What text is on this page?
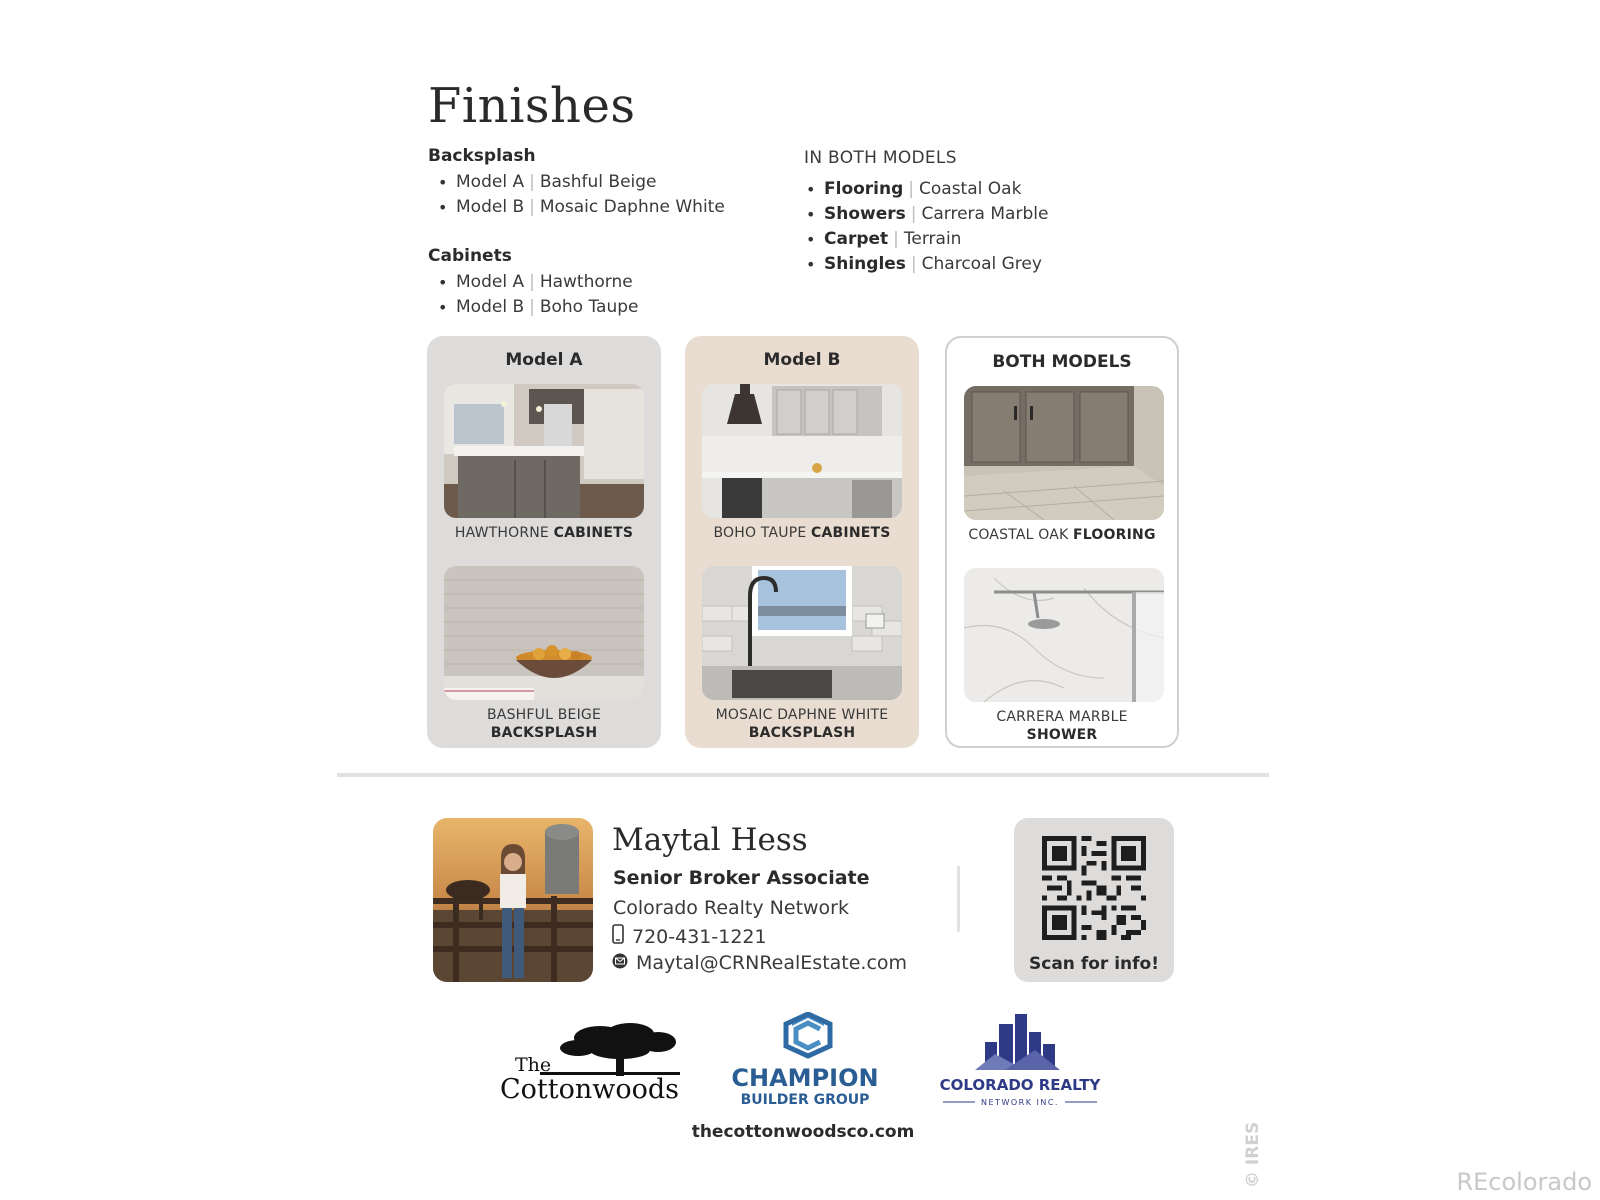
Finishes
Backsplash
• Model A | Bashful Beige
• Model B | Mosaic Daphne White
Cabinets
• Model A | Hawthorne
• Model B | Boho Taupe
IN BOTH MODELS
• Flooring | Coastal Oak
• Showers | Carrera Marble
• Carpet | Terrain
• Shingles | Charcoal Grey
Model A
HAWTHORNE CABINETS
BASHFUL BEIGE
BACKSPLASH
Model B
BOHO TAUPE CABINETS
MOSAIC DAPHNE WHITE
BACKSPLASH
BOTH MODELS
COASTAL OAK FLOORING
CARRERA MARBLE
SHOWER
Maytal Hess
Senior Broker Associate
Colorado Realty Network
720-431-1221
Maytal@CRNRealEstate.com	Scan for info!
The
Cottonwoods CHAMPION
BUILDER GROUP
COLORADO REALTY
NETWORK INC.
thecottonwoodsco.com	© IRES	REcolorado
